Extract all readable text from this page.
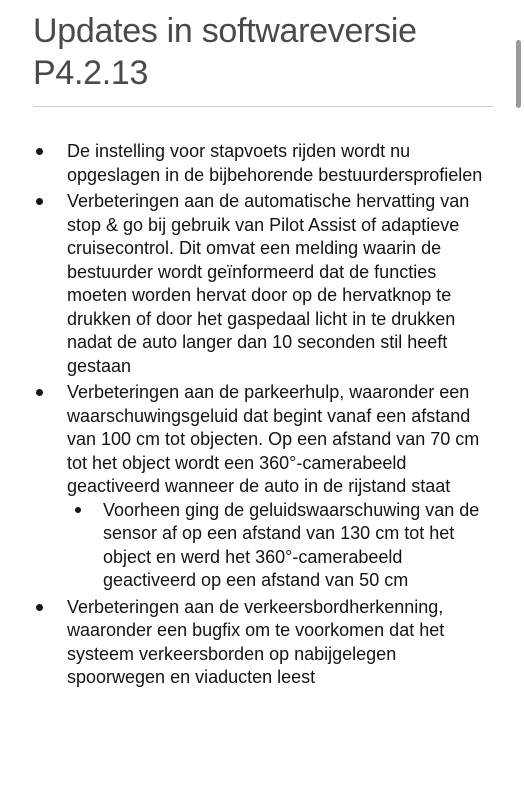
Updates in softwareversie P4.2.13
De instelling voor stapvoets rijden wordt nu opgeslagen in de bijbehorende bestuurdersprofielen
Verbeteringen aan de automatische hervatting van stop & go bij gebruik van Pilot Assist of adaptieve cruisecontrol. Dit omvat een melding waarin de bestuurder wordt geïnformeerd dat de functies moeten worden hervat door op de hervatknop te drukken of door het gaspedaal licht in te drukken nadat de auto langer dan 10 seconden stil heeft gestaan
Verbeteringen aan de parkeerhulp, waaronder een waarschuwingsgeluid dat begint vanaf een afstand van 100 cm tot objecten. Op een afstand van 70 cm tot het object wordt een 360°-camerabeeld geactiveerd wanneer de auto in de rijstand staat
Voorheen ging de geluidswaarschuwing van de sensor af op een afstand van 130 cm tot het object en werd het 360°-camerabeeld geactiveerd op een afstand van 50 cm
Verbeteringen aan de verkeersbordherkenning, waaronder een bugfix om te voorkomen dat het systeem verkeersborden op nabijgelegen spoorwegen en viaducten leest
